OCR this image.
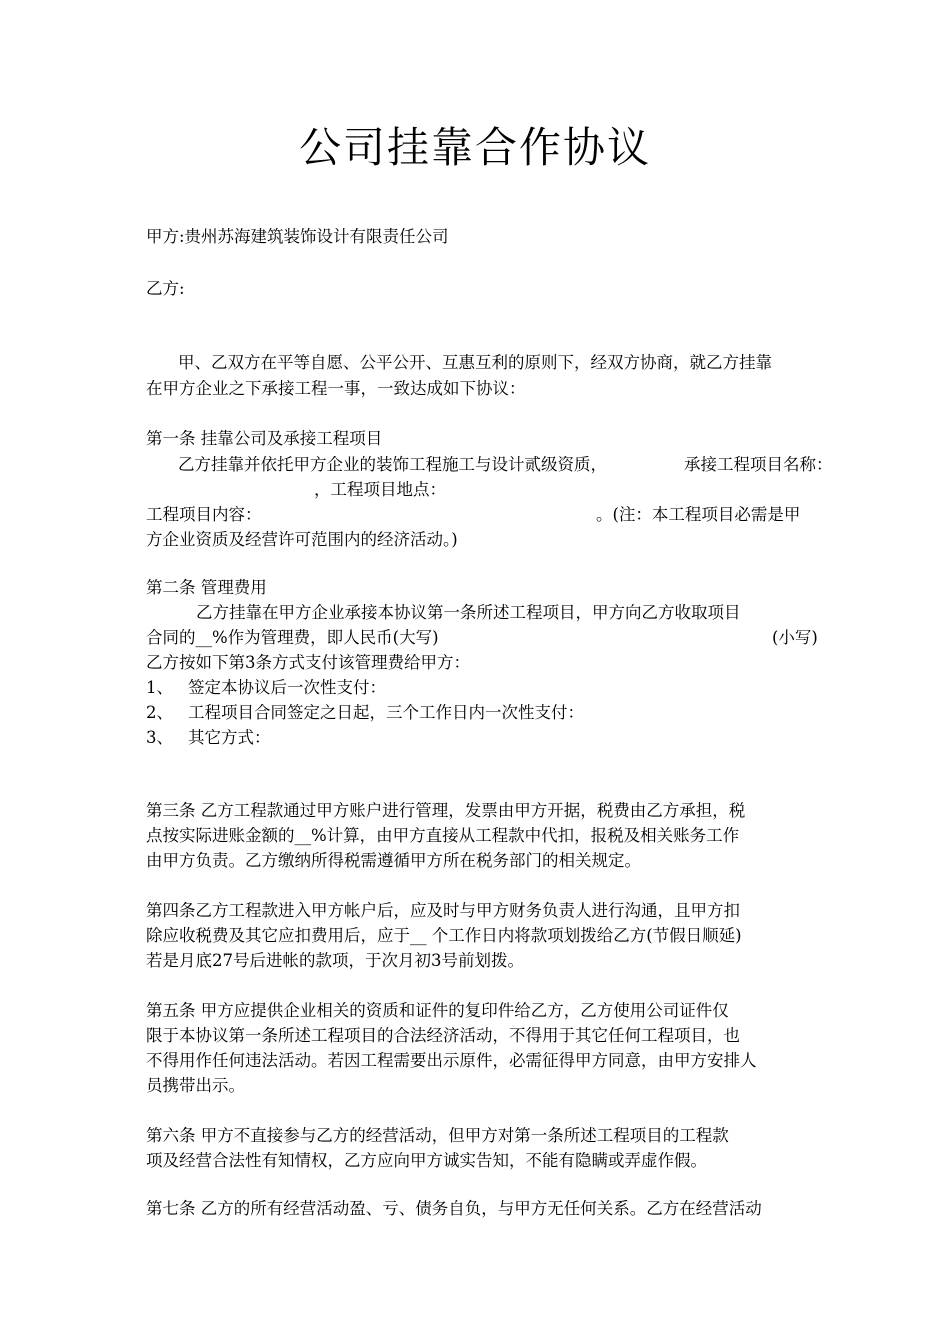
公司挂靠合作协议

甲方:贵州苏海建筑装饰设计有限责任公司

乙方:

甲、乙双方在平等自愿、公平公开、互惠互利的原则下，经双方协商，就乙方挂靠

在甲方企业之下承接工程一事，一致达成如下协议：

第一条 挂靠公司及承接工程项目

乙方挂靠并依托甲方企业的装饰工程施工与设计贰级资质，	承接工程项目名称：
，工程项目地点：

工程项目内容：	。(注：本工程项目必需是甲

方企业资质及经营许可范围内的经济活动。)

第二条 管理费用

乙方挂靠在甲方企业承接本协议第一条所述工程项目，甲方向乙方收取项目

合同的__%作为管理费，即人民币(大写)	(小写)

乙方按如下第3条方式支付该管理费给甲方：

1、 签定本协议后一次性支付：

2、 工程项目合同签定之日起，三个工作日内一次性支付：

3、 其它方式：

第三条 乙方工程款通过甲方账户进行管理，发票由甲方开据，税费由乙方承担，税

点按实际进账金额的__%计算，由甲方直接从工程款中代扣，报税及相关账务工作

由甲方负责。乙方缴纳所得税需遵循甲方所在税务部门的相关规定。

第四条乙方工程款进入甲方帐户后，应及时与甲方财务负责人进行沟通，且甲方扣

除应收税费及其它应扣费用后，应于__ 个工作日内将款项划拨给乙方(节假日顺延)

若是月底27号后进帐的款项，于次月初3号前划拨。

第五条 甲方应提供企业相关的资质和证件的复印件给乙方，乙方使用公司证件仅

限于本协议第一条所述工程项目的合法经济活动，不得用于其它任何工程项目，也

不得用作任何违法活动。若因工程需要出示原件，必需征得甲方同意，由甲方安排人

员携带出示。

第六条 甲方不直接参与乙方的经营活动，但甲方对第一条所述工程项目的工程款

项及经营合法性有知情权，乙方应向甲方诚实告知，不能有隐瞒或弄虚作假。

第七条 乙方的所有经营活动盈、亏、债务自负，与甲方无任何关系。乙方在经营活动
